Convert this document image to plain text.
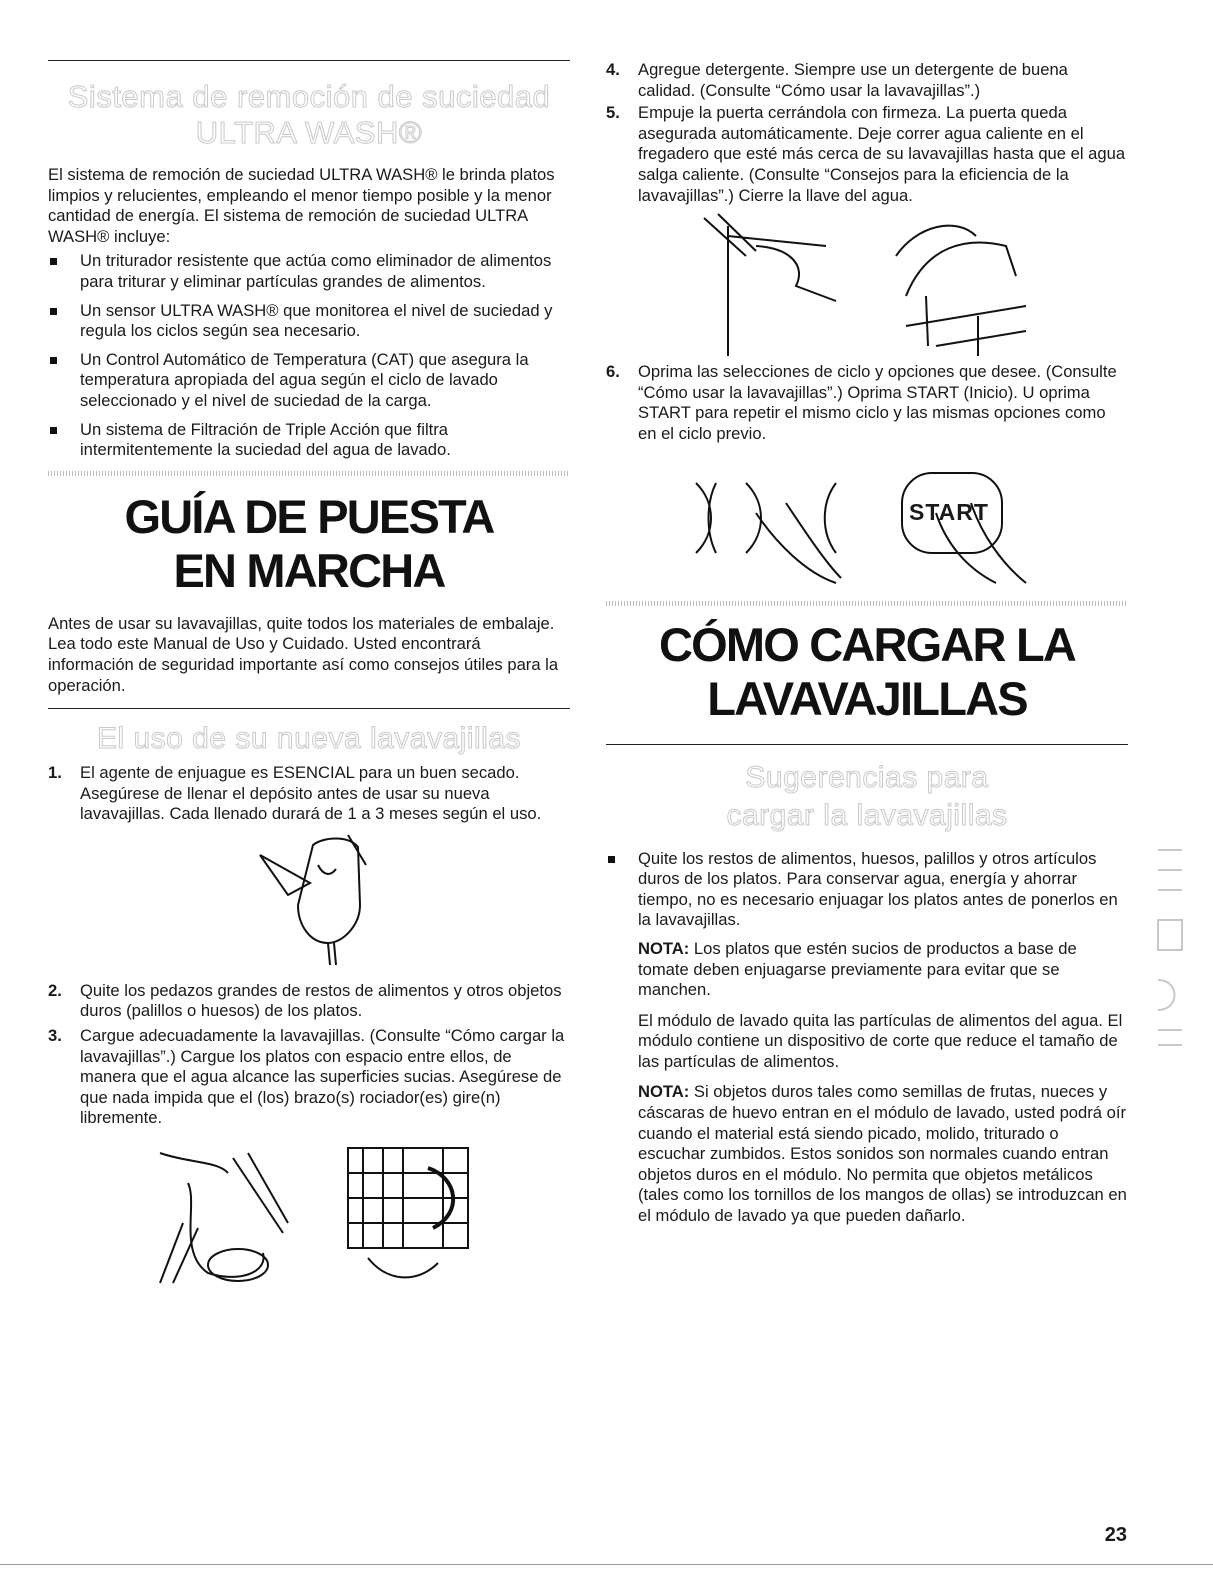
Sistema de remoción de suciedad
ULTRA WASH®

El sistema de remoción de suciedad ULTRA WASH® le brinda platos limpios y relucientes, empleando el menor tiempo posible y la menor cantidad de energía. El sistema de remoción de suciedad ULTRA WASH® incluye:

Un triturador resistente que actúa como eliminador de alimentos para triturar y eliminar partículas grandes de alimentos.
Un sensor ULTRA WASH® que monitorea el nivel de suciedad y regula los ciclos según sea necesario.
Un Control Automático de Temperatura (CAT) que asegura la temperatura apropiada del agua según el ciclo de lavado seleccionado y el nivel de suciedad de la carga.
Un sistema de Filtración de Triple Acción que filtra intermitentemente la suciedad del agua de lavado.
GUÍA DE PUESTA
EN MARCHA

Antes de usar su lavavajillas, quite todos los materiales de embalaje. Lea todo este Manual de Uso y Cuidado. Usted encontrará información de seguridad importante así como consejos útiles para la operación.

El uso de su nueva lavavajillas
1. El agente de enjuague es ESENCIAL para un buen secado. Asegúrese de llenar el depósito antes de usar su nueva lavavajillas. Cada llenado durará de 1 a 3 meses según el uso.
2. Quite los pedazos grandes de restos de alimentos y otros objetos duros (palillos o huesos) de los platos.
3. Cargue adecuadamente la lavavajillas. (Consulte “Cómo cargar la lavavajillas”.) Cargue los platos con espacio entre ellos, de manera que el agua alcance las superficies sucias. Asegúrese de que nada impida que el (los) brazo(s) rociador(es) gire(n) libremente.
4. Agregue detergente. Siempre use un detergente de buena calidad. (Consulte “Cómo usar la lavavajillas”.)
5. Empuje la puerta cerrándola con firmeza. La puerta queda asegurada automáticamente. Deje correr agua caliente en el fregadero que esté más cerca de su lavavajillas hasta que el agua salga caliente. (Consulte “Consejos para la eficiencia de la lavavajillas”.) Cierre la llave del agua.
6. Oprima las selecciones de ciclo y opciones que desee. (Consulte “Cómo usar la lavavajillas”.) Oprima START (Inicio). U oprima START para repetir el mismo ciclo y las mismas opciones como en el ciclo previo.
START
CÓMO CARGAR LA
LAVAVAJILLAS
Sugerencias para
cargar la lavavajillas
Quite los restos de alimentos, huesos, palillos y otros artículos duros de los platos. Para conservar agua, energía y ahorrar tiempo, no es necesario enjuagar los platos antes de ponerlos en la lavavajillas.

NOTA: Los platos que estén sucios de productos a base de tomate deben enjuagarse previamente para evitar que se manchen.

El módulo de lavado quita las partículas de alimentos del agua. El módulo contiene un dispositivo de corte que reduce el tamaño de las partículas de alimentos.

NOTA: Si objetos duros tales como semillas de frutas, nueces y cáscaras de huevo entran en el módulo de lavado, usted podrá oír cuando el material está siendo picado, molido, triturado o escuchar zumbidos. Estos sonidos son normales cuando entran objetos duros en el módulo. No permita que objetos metálicos (tales como los tornillos de los mangos de ollas) se introduzcan en el módulo de lavado ya que pueden dañarlo.

23
